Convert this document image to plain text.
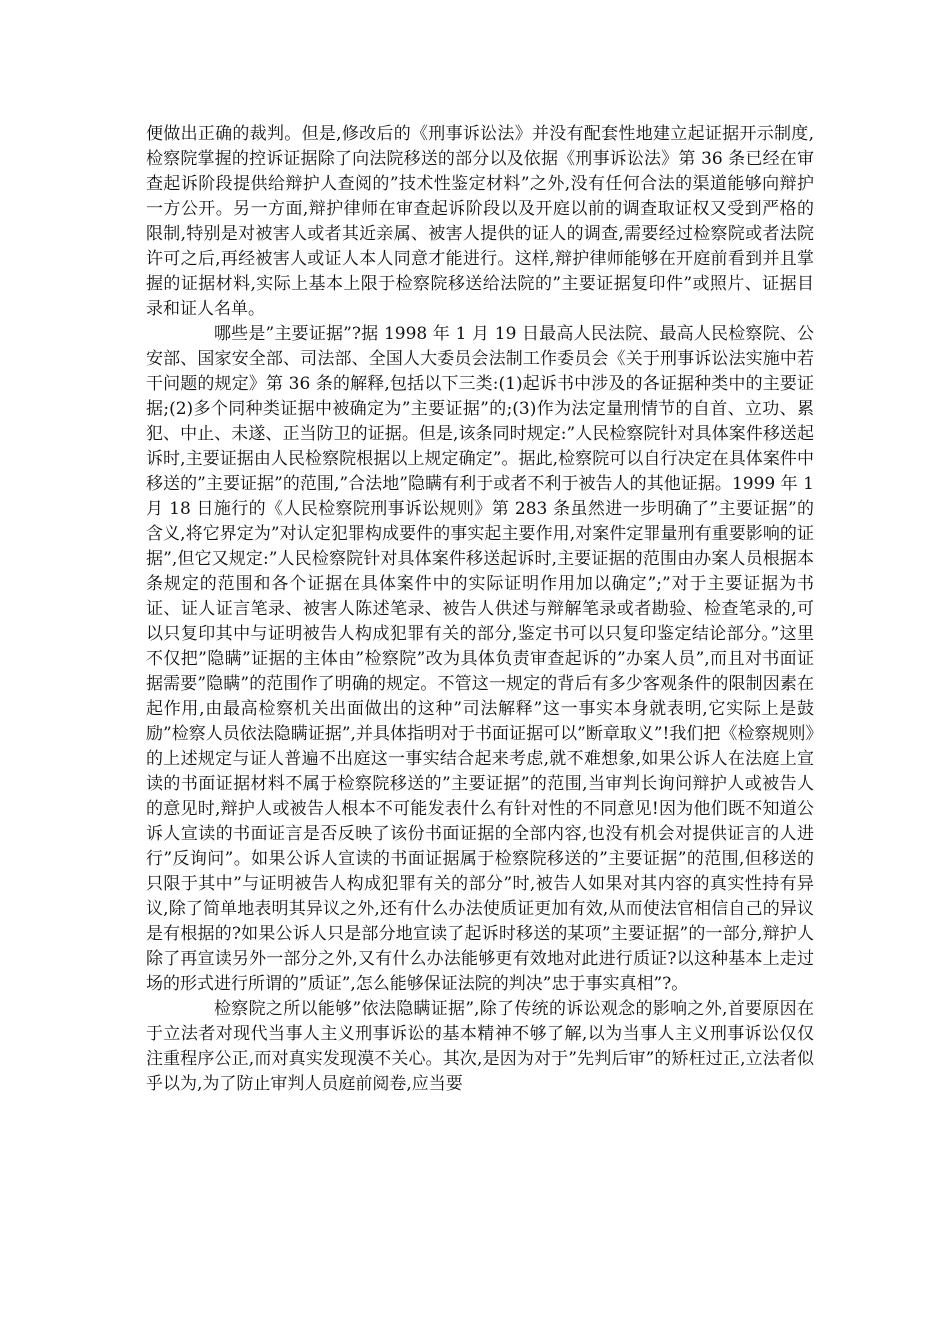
便做出正确的裁判。但是,修改后的《刑事诉讼法》并没有配套性地建立起证据开示制度,检察院掌握的控诉证据除了向法院移送的部分以及依据《刑事诉讼法》第 36 条已经在审查起诉阶段提供给辩护人查阅的”技术性鉴定材料”之外,没有任何合法的渠道能够向辩护一方公开。另一方面,辩护律师在审查起诉阶段以及开庭以前的调查取证权又受到严格的限制,特别是对被害人或者其近亲属、被害人提供的证人的调查,需要经过检察院或者法院许可之后,再经被害人或证人本人同意才能进行。这样,辩护律师能够在开庭前看到并且掌握的证据材料,实际上基本上限于检察院移送给法院的”主要证据复印件”或照片、证据目录和证人名单。

哪些是”主要证据”?据 1998 年 1 月 19 日最高人民法院、最高人民检察院、公安部、国家安全部、司法部、全国人大委员会法制工作委员会《关于刑事诉讼法实施中若干问题的规定》第 36 条的解释,包括以下三类:(1)起诉书中涉及的各证据种类中的主要证据;(2)多个同种类证据中被确定为”主要证据”的;(3)作为法定量刑情节的自首、立功、累犯、中止、未遂、正当防卫的证据。但是,该条同时规定:”人民检察院针对具体案件移送起诉时,主要证据由人民检察院根据以上规定确定”。据此,检察院可以自行决定在具体案件中移送的”主要证据”的范围,”合法地”隐瞒有利于或者不利于被告人的其他证据。1999 年 1 月 18 日施行的《人民检察院刑事诉讼规则》第 283 条虽然进一步明确了”主要证据”的含义,将它界定为”对认定犯罪构成要件的事实起主要作用,对案件定罪量刑有重要影响的证据”,但它又规定:”人民检察院针对具体案件移送起诉时,主要证据的范围由办案人员根据本条规定的范围和各个证据在具体案件中的实际证明作用加以确定”;”对于主要证据为书证、证人证言笔录、被害人陈述笔录、被告人供述与辩解笔录或者勘验、检查笔录的,可以只复印其中与证明被告人构成犯罪有关的部分,鉴定书可以只复印鉴定结论部分。”这里不仅把”隐瞒”证据的主体由”检察院”改为具体负责审查起诉的”办案人员”,而且对书面证据需要”隐瞒”的范围作了明确的规定。不管这一规定的背后有多少客观条件的限制因素在起作用,由最高检察机关出面做出的这种”司法解释”这一事实本身就表明,它实际上是鼓励”检察人员依法隐瞒证据”,并具体指明对于书面证据可以”断章取义”!我们把《检察规则》的上述规定与证人普遍不出庭这一事实结合起来考虑,就不难想象,如果公诉人在法庭上宣读的书面证据材料不属于检察院移送的”主要证据”的范围,当审判长询问辩护人或被告人的意见时,辩护人或被告人根本不可能发表什么有针对性的不同意见!因为他们既不知道公诉人宣读的书面证言是否反映了该份书面证据的全部内容,也没有机会对提供证言的人进行”反询问”。如果公诉人宣读的书面证据属于检察院移送的”主要证据”的范围,但移送的只限于其中”与证明被告人构成犯罪有关的部分”时,被告人如果对其内容的真实性持有异议,除了简单地表明其异议之外,还有什么办法使质证更加有效,从而使法官相信自己的异议是有根据的?如果公诉人只是部分地宣读了起诉时移送的某项”主要证据”的一部分,辩护人除了再宣读另外一部分之外,又有什么办法能够更有效地对此进行质证?以这种基本上走过场的形式进行所谓的”质证”,怎么能够保证法院的判决”忠于事实真相”?。

检察院之所以能够”依法隐瞒证据”,除了传统的诉讼观念的影响之外,首要原因在于立法者对现代当事人主义刑事诉讼的基本精神不够了解,以为当事人主义刑事诉讼仅仅注重程序公正,而对真实发现漠不关心。其次,是因为对于”先判后审”的矫枉过正,立法者似乎以为,为了防止审判人员庭前阅卷,应当要
